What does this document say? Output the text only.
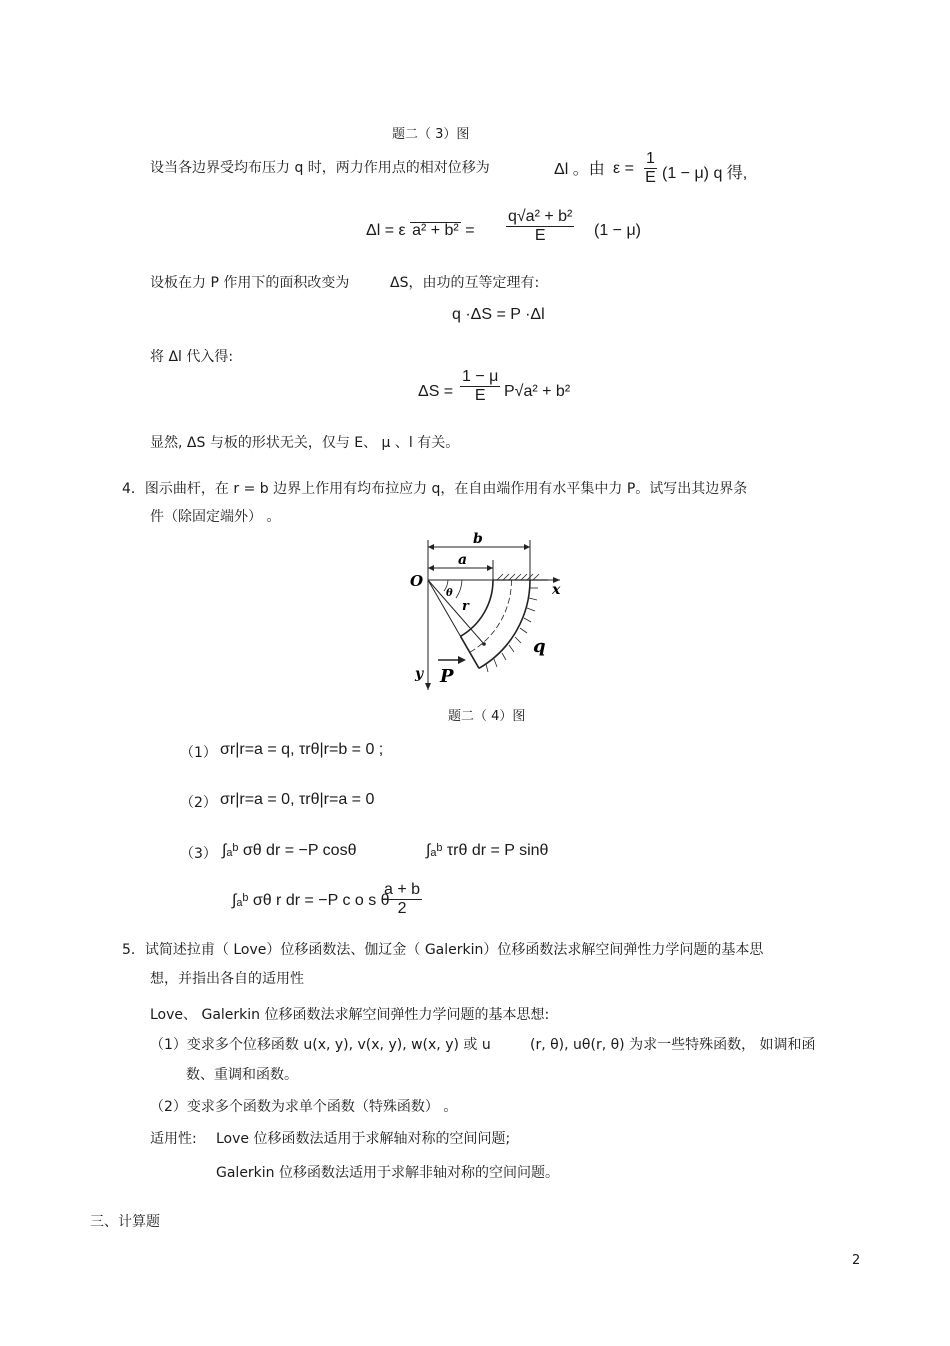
题二（ 3）图
设当各边界受均布压力 q 时，两力作用点的相对位移为	Δl 。由 $\varepsilon = \frac{1}{E} (1 - \mu)$ q 得,
Δl = ε $a^2 + b^2 = \frac{\text{q√a² + b²}}{E} (1 - \mu)$
设板在力 P 作用下的面积改变为	ΔS，由功的互等定理有:
q ·ΔS = P ·Δl
将 Δl 代入得:
$\Delta S = \frac{1 - \mu}{E} P√a^2 + b^2$
显然, ΔS 与板的形状无关，仅与 E、 μ 、l 有关。
4．图示曲杆，在 r = b 边界上作用有均布拉应力 q，在自由端作用有水平集中力 P。试写出其边界条
件（除固定端外） 。
b
a
O	x
y
q
θ
r
P
题二（ 4）图
（1） σr|r=a = q, τrθ|r=b = 0 ;
（2） σr|r=a = 0, τrθ|r=a = 0
（3） ∫ₐᵇ σθ dr = −P cosθ	∫ₐᵇ τrθ dr = P sinθ
∫ₐᵇ σθ r dr = −P c o s θ
$\frac{a + b}{2}$
5．试简述拉甫（ Love）位移函数法、伽辽金（ Galerkin）位移函数法求解空间弹性力学问题的基本思
想，并指出各自的适用性
Love、 Galerkin 位移函数法求解空间弹性力学问题的基本思想:
（1）变求多个位移函数 u(x, y), v(x, y), w(x, y) 或 u	(r, θ), uθ(r, θ) 为求一些特殊函数， 如调和函
数、重调和函数。
（2）变求多个函数为求单个函数（特殊函数） 。
适用性: Love 位移函数法适用于求解轴对称的空间问题;
Galerkin 位移函数法适用于求解非轴对称的空间问题。
三、计算题
2
